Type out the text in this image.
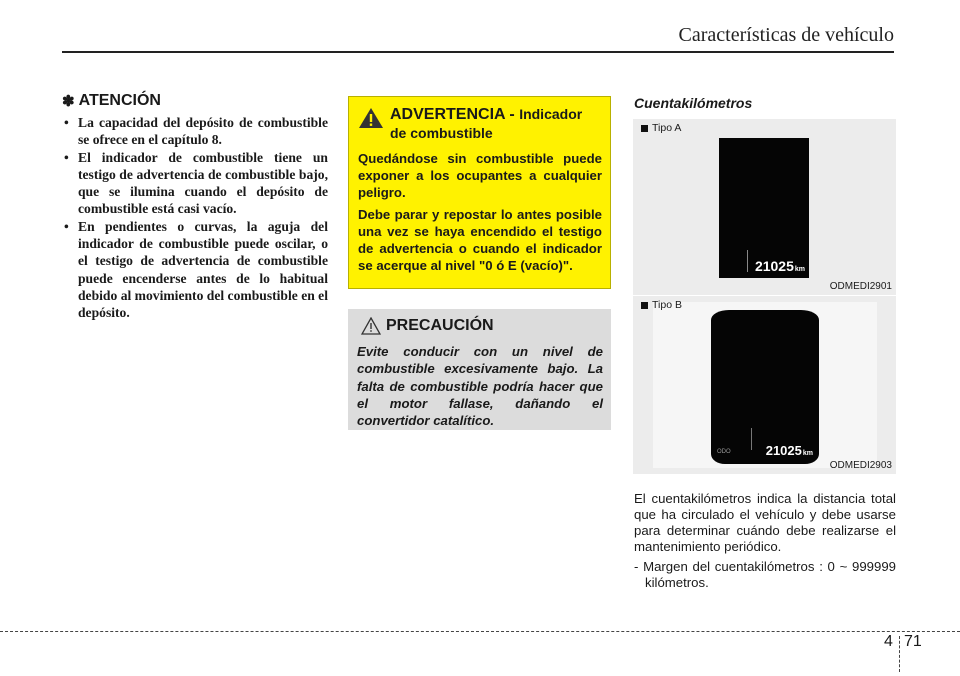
Características de vehículo
✽ ATENCIÓN
• La capacidad del depósito de combustible se ofrece en el capítulo 8.
• El indicador de combustible tiene un testigo de advertencia de combustible bajo, que se ilumina cuando el depósito de combustible está casi vacío.
• En pendientes o curvas, la aguja del indicador de combustible puede oscilar, o el testigo de advertencia de combustible puede encenderse antes de lo habitual debido al movimiento del combustible en el depósito.
ADVERTENCIA - Indicador de combustible

Quedándose sin combustible puede exponer a los ocupantes a cualquier peligro.

Debe parar y repostar lo antes posible una vez se haya encendido el testigo de advertencia o cuando el indicador se acerque al nivel "0 ó E (vacío)".

PRECAUCIÓN
Evite conducir con un nivel de combustible excesivamente bajo. La falta de combustible podría hacer que el motor fallase, dañando el convertidor catalítico.
Cuentakilómetros
Tipo A
21025km
ODMEDI2901
ODO	21025km
Tipo B
ODMEDI2903

El cuentakilómetros indica la distancia total que ha circulado el vehículo y debe usarse para determinar cuándo debe realizarse el mantenimiento periódico.

- Margen del cuentakilómetros : 0 ~ 999999 kilómetros.

4 71
